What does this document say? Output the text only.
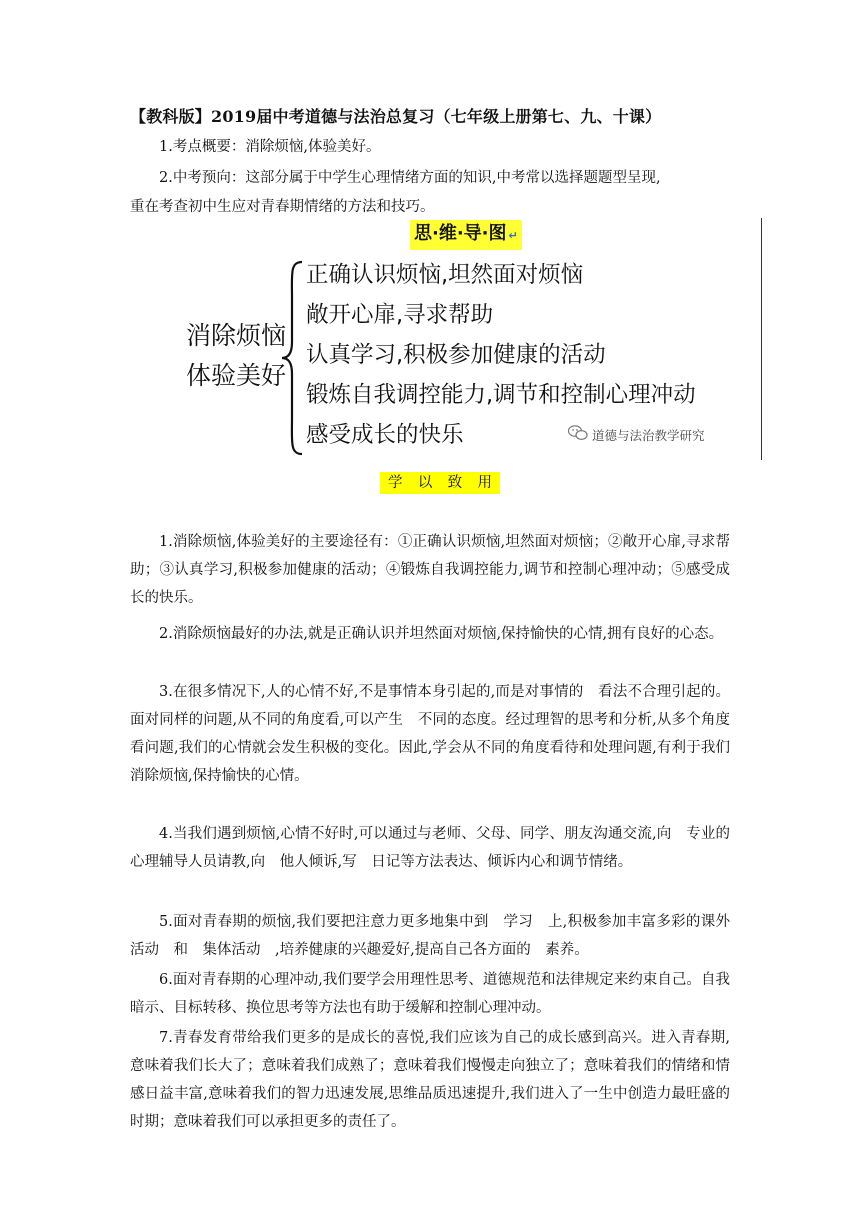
【教科版】2019届中考道德与法治总复习（七年级上册第七、九、十课）
1.考点概要：消除烦恼,体验美好。
2.中考预向：这部分属于中学生心理情绪方面的知识,中考常以选择题题型呈现,
重在考查初中生应对青春期情绪的方法和技巧。
思·维·导·图 ↵
消除烦恼
体验美好
正确认识烦恼,坦然面对烦恼
敞开心扉,寻求帮助
认真学习,积极参加健康的活动
锻炼自我调控能力,调节和控制心理冲动
感受成长的快乐	道德与法治教学研究
学 以 致 用
1.消除烦恼,体验美好的主要途径有：①正确认识烦恼,坦然面对烦恼；②敞开心扉,寻求帮助；③认真学习,积极参加健康的活动；④锻炼自我调控能力,调节和控制心理冲动；⑤感受成长的快乐。
2.消除烦恼最好的办法,就是正确认识并坦然面对烦恼,保持愉快的心情,拥有良好的心态。
3.在很多情况下,人的心情不好,不是事情本身引起的,而是对事情的　看法不合理引起的。面对同样的问题,从不同的角度看,可以产生　不同的态度。经过理智的思考和分析,从多个角度看问题,我们的心情就会发生积极的变化。因此,学会从不同的角度看待和处理问题,有利于我们消除烦恼,保持愉快的心情。
4.当我们遇到烦恼,心情不好时,可以通过与老师、父母、同学、朋友沟通交流,向　专业的心理辅导人员请教,向　他人倾诉,写　日记等方法表达、倾诉内心和调节情绪。
5.面对青春期的烦恼,我们要把注意力更多地集中到　学习　上,积极参加丰富多彩的课外活动　和　集体活动　,培养健康的兴趣爱好,提高自己各方面的　素养。
6.面对青春期的心理冲动,我们要学会用理性思考、道德规范和法律规定来约束自己。自我暗示、目标转移、换位思考等方法也有助于缓解和控制心理冲动。
7.青春发育带给我们更多的是成长的喜悦,我们应该为自己的成长感到高兴。进入青春期,意味着我们长大了；意味着我们成熟了；意味着我们慢慢走向独立了；意味着我们的情绪和情感日益丰富,意味着我们的智力迅速发展,思维品质迅速提升,我们进入了一生中创造力最旺盛的时期；意味着我们可以承担更多的责任了。
